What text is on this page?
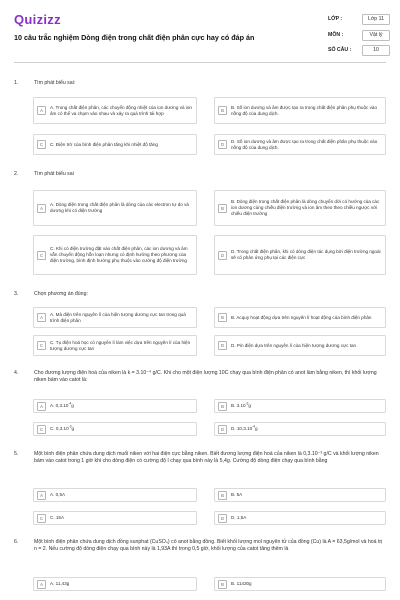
Quizizz
10 câu trắc nghiệm Dòng điện trong chất điện phân cực hay có đáp án
LỚP :	Lớp 11
MÔN :	Vật lý
SỐ CÂU :	10
1.	Tìm phát biểu sai:
A
A. Trong chất điện phân, các chuyển động nhiệt của ion dương và ion âm có thể va chạm vào nhau và xảy ra quá trình tái hợp	B
B. Số ion dương và âm được tạo ra trong chất điện phân phụ thuộc vào nồng độ của dung dịch.
C	C. Điện trở của bình điện phân tăng khi nhiệt độ tăng	D
D. Số ion dương và âm được tạo ra trong chất điện phân phụ thuộc vào nồng độ của dung dịch.
2.	Tìm phát biểu sai
A
A. Dòng điện trong chất điện phân là dòng của các electron tự do và dương khi có điện trường	B
B. Dòng điện trong chất điện phân là dòng chuyển dời có hướng của các ion dương cùng chiều điện trường và ion âm theo theo chiều ngược với chiều điện trường
C
C. Khi có điện trường đặt vào chất điện phân, các ion dương và âm vẫn chuyển động hỗn loạn nhưng có định hướng theo phương của điện trường, bình định hướng phụ thuộc vào cường độ điện trường
D
D. Trong chất điện phân, khi có dòng điện tác dụng bởi điện trường ngoài sẽ có phản ứng phụ tại các điện cực
3.	Chọn phương án đúng:
A
A. Mà điện trên nguyên lí của hiện tượng dương cực tan trong quá trình điện phân	B	B. Acquy hoạt động dựa trên nguyên lí hoạt động của bình điện phân
C
C. Tụ điện hoá học có nguyên lí làm việc dựa trên nguyên lí của hiện tượng dương cực tan	D	D. Pin điện dựa trên nguyên lí của hiện tượng dương cực tan
4.	Cho đương lượng điện hoá của niken là k = 3.10⁻⁴ g/C. Khi cho một điện lượng 10C chạy qua bình điện phân có anot làm bằng niken, thì khối lượng niken bám vào catot là:
A	A. $0,3.10^{-4}g$	B	B. $3.10^{-3}g$
C	C. $0,3.10^{-3}g$	D	D. $10,3.10^{-4}g$
5.	Một bình điện phân chứa dung dịch muối niken với hai điện cực bằng niken. Biết đương lượng điện hoá của niken là 0,3.10⁻³ g/C và khối lượng niken bám vào catot trong 1 giờ khi cho dòng điện có cường độ I chạy qua bình này là 5,4g. Cường độ dòng điện chạy qua bình bằng
A	A. 0,5A	B	B. 5A
C	C. 15A	D	D. 1,5A
6.	Một bình điện phân chứa dung dịch đồng sunphat (CuSO₄) có anot bằng đồng. Biết khối lượng mol nguyên tử của đồng (Cu) là A = 63,5g/mol và hoá trị n = 2. Nếu cường độ dòng điện chạy qua bình này là 1,93A thì trong 0,5 giờ, khối lượng của catot tăng thêm là
A	A. 11,43g	B	B. 11430g
